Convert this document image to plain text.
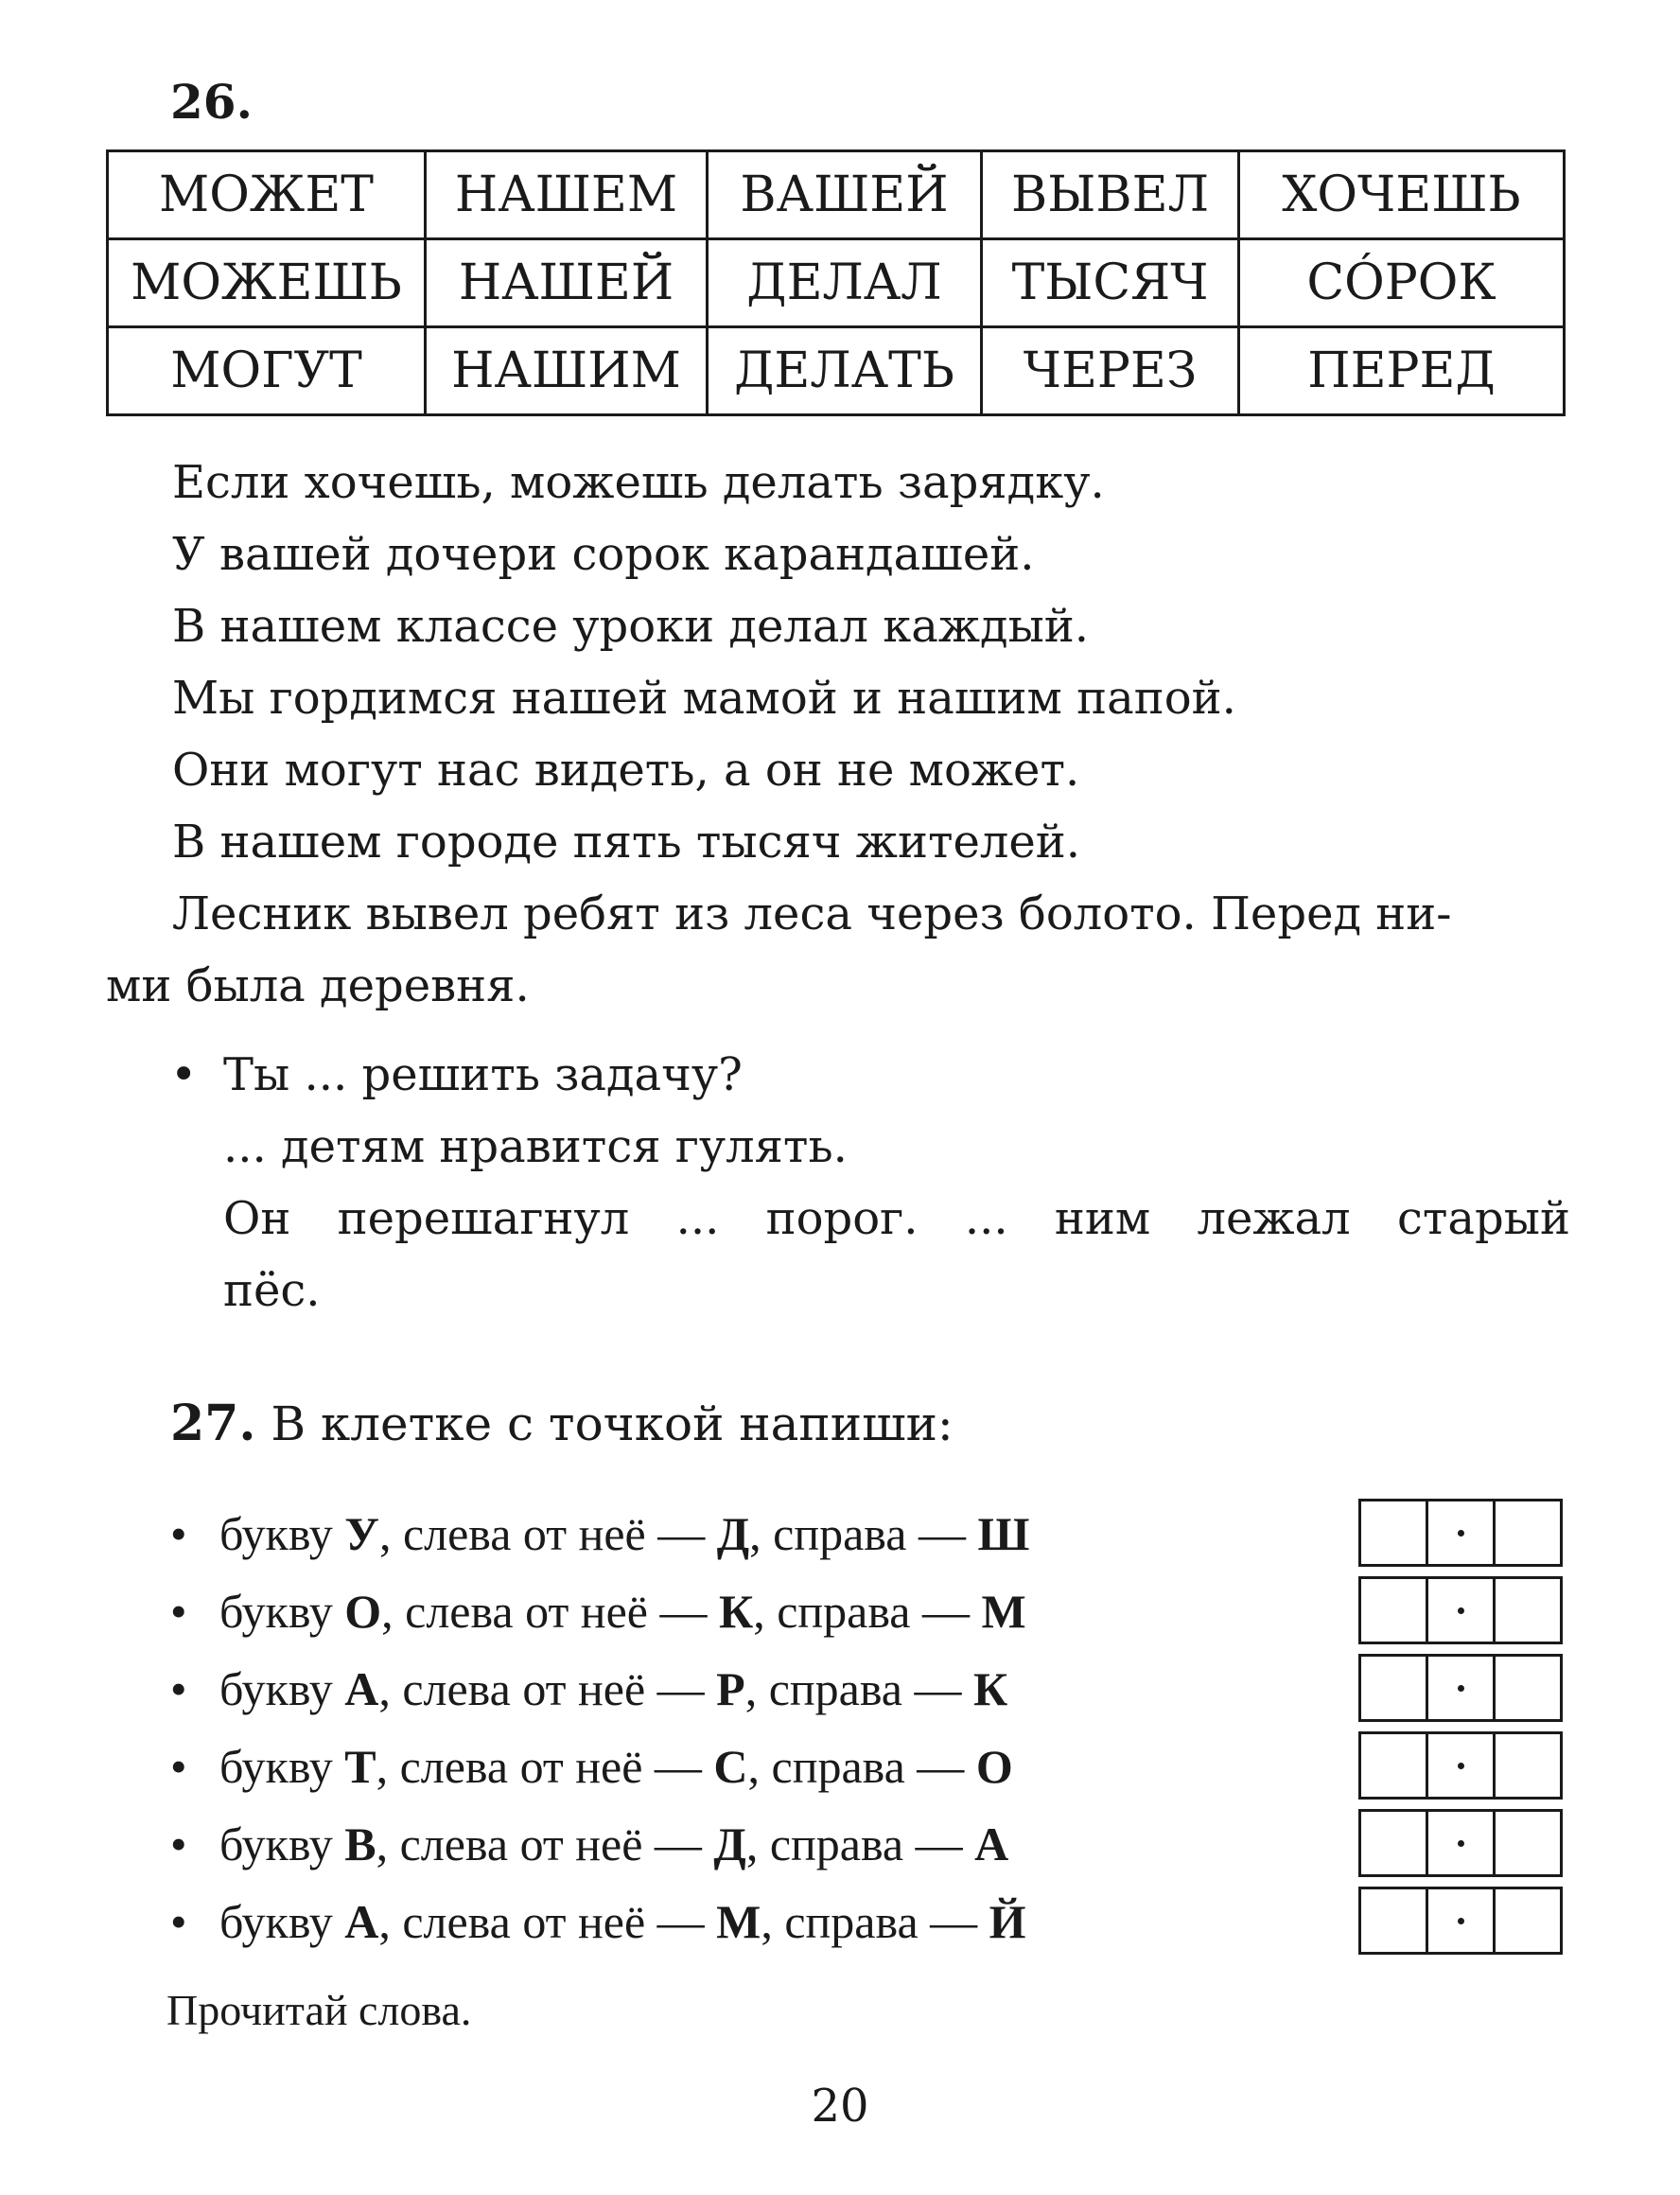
26.
МОЖЕТ	НАШЕМ	ВАШЕЙ	ВЫВЕЛ	ХОЧЕШЬ
МОЖЕШЬ	НАШЕЙ	ДЕЛАЛ	ТЫСЯЧ	СÓРОК
МОГУТ	НАШИМ	ДЕЛАТЬ	ЧЕРЕЗ	ПЕРЕД
Если хочешь, можешь делать зарядку.
У вашей дочери сорок карандашей.
В нашем классе уроки делал каждый.
Мы гордимся нашей мамой и нашим папой.
Они могут нас видеть, а он не может.
В нашем городе пять тысяч жителей.
Лесник вывел ребят из леса через болото. Перед ни-
ми была деревня.
• Ты ... решить задачу?
... детям нравится гулять.
Он перешагнул ... порог. ... ним лежал старый
пёс.
27. В клетке с точкой напиши:
• букву У, слева от неё — Д, справа — Ш
• букву О, слева от неё — К, справа — М
• букву А, слева от неё — Р, справа — К
• букву Т, слева от неё — С, справа — О
• букву В, слева от неё — Д, справа — А
• букву А, слева от неё — М, справа — Й
Прочитай слова.
20
